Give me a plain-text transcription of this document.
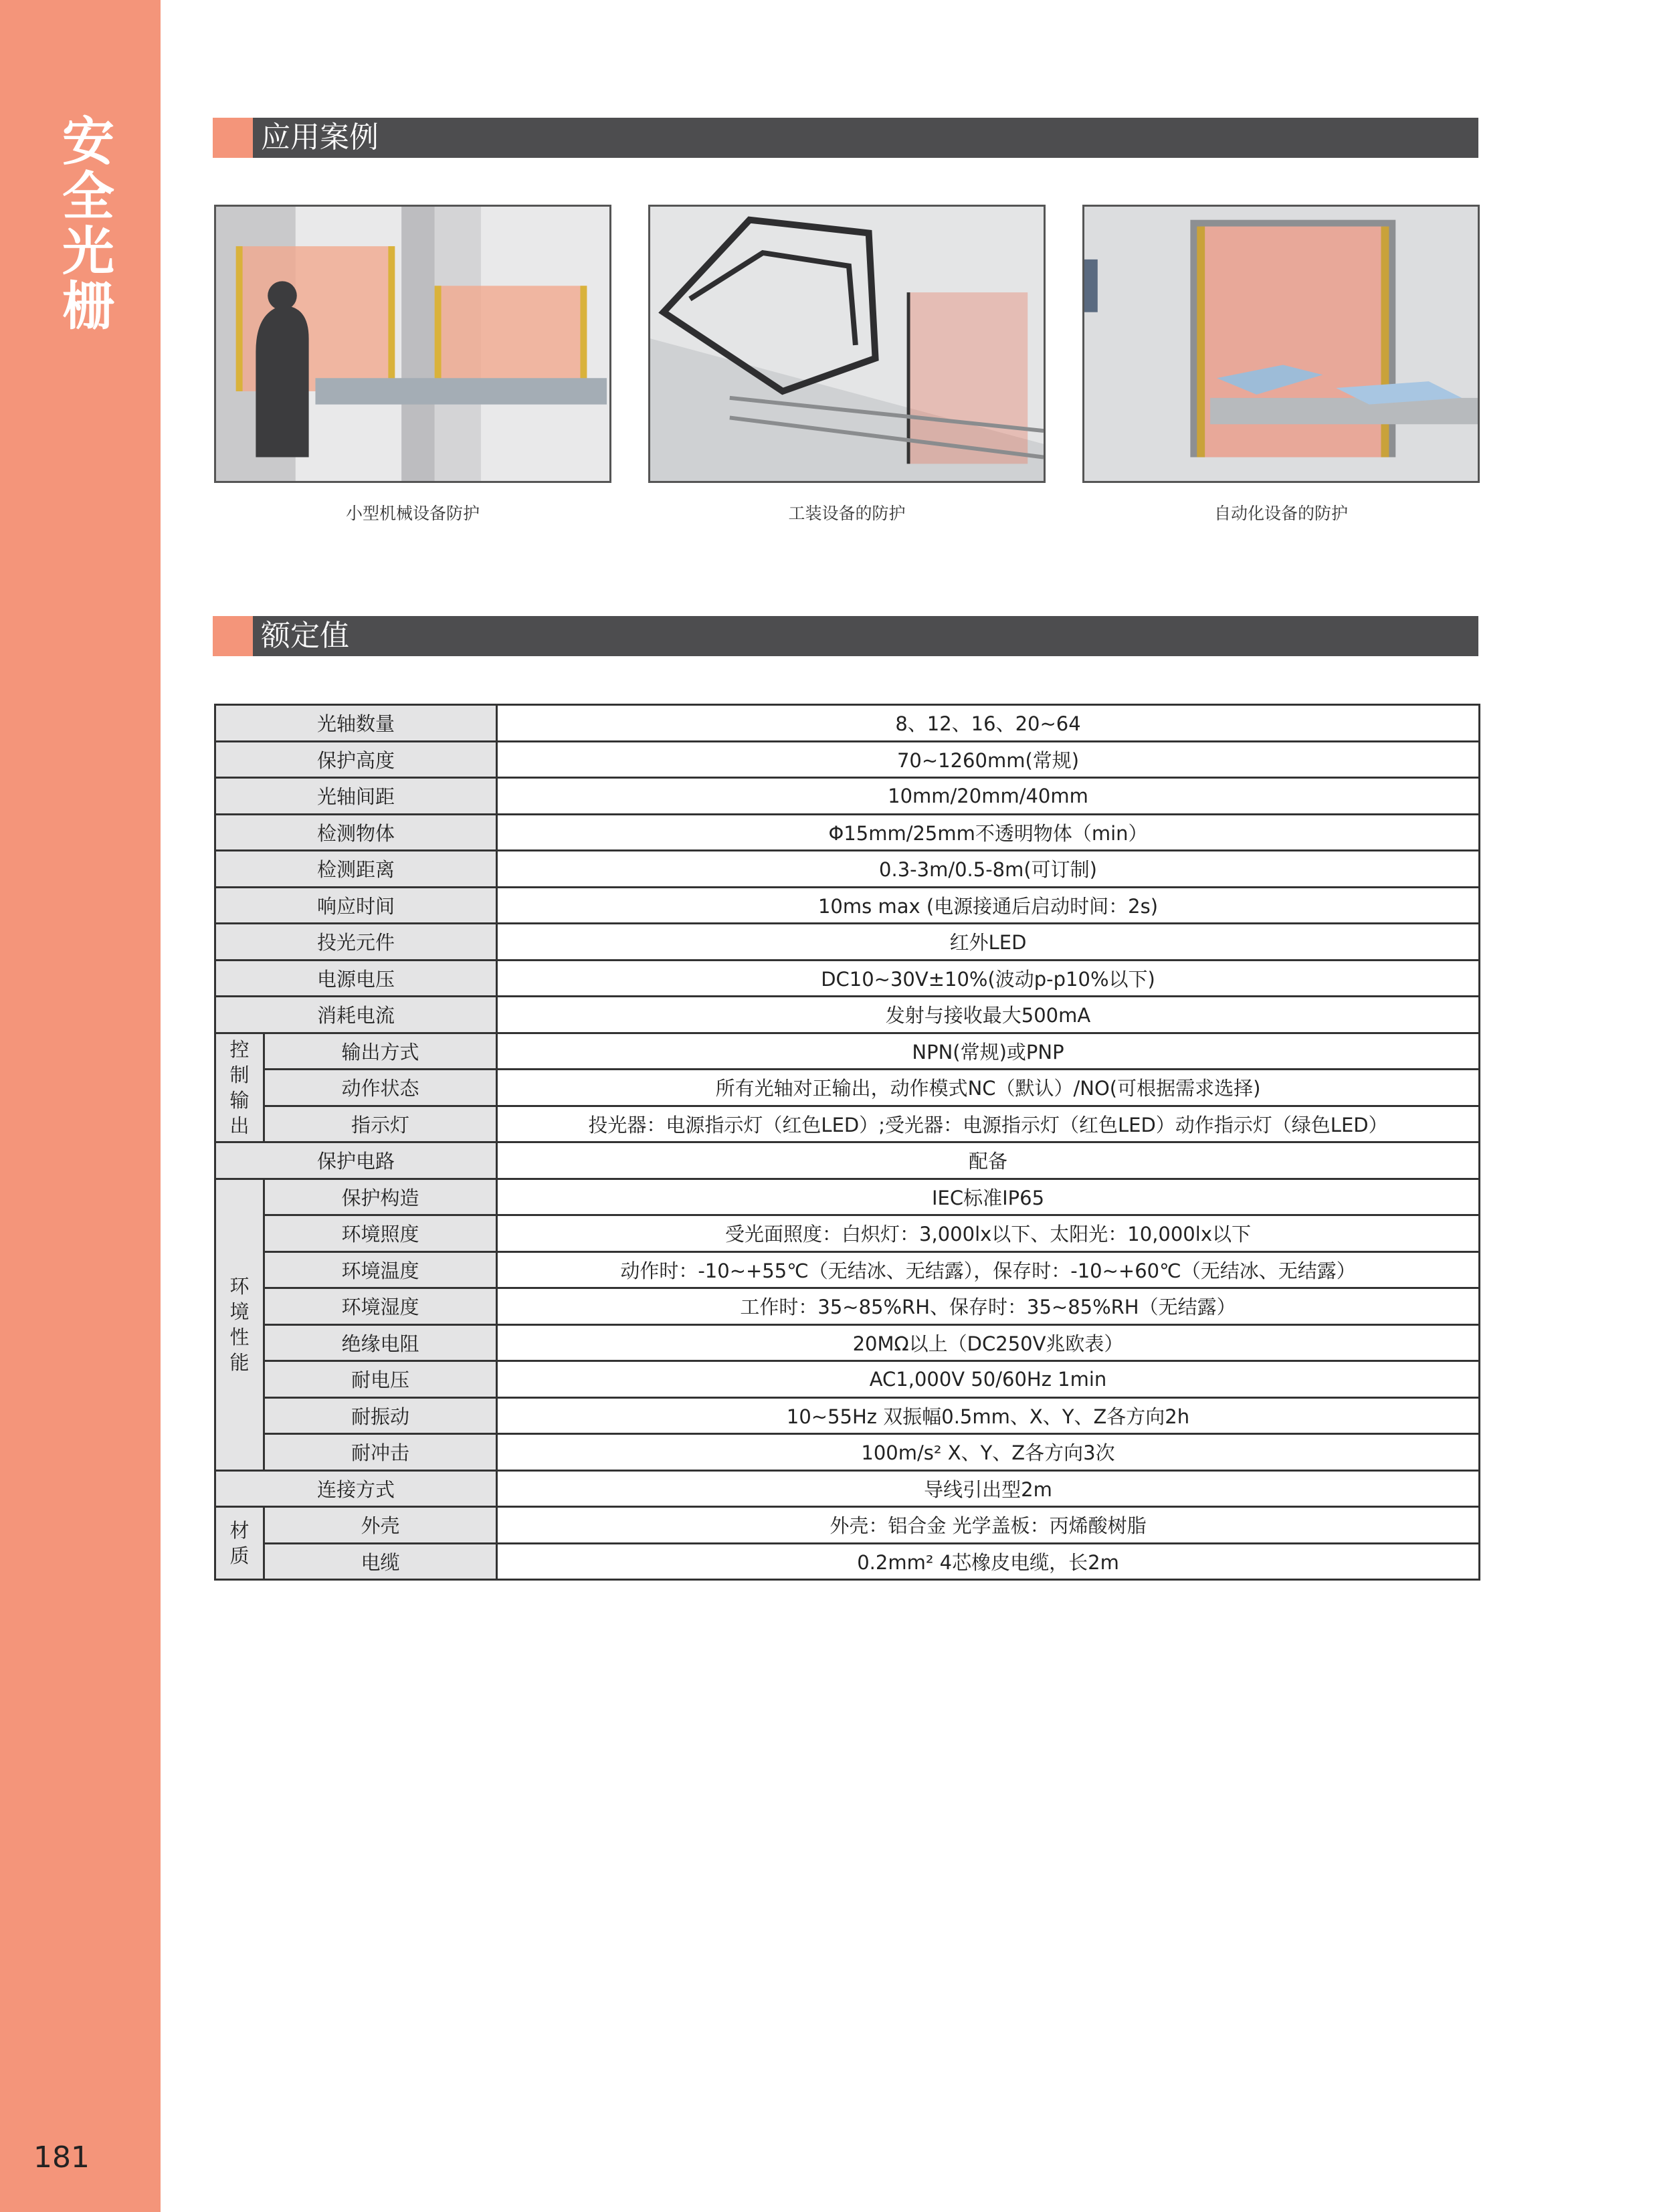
安全光栅
181
应用案例
小型机械设备防护	工装设备的防护	自动化设备的防护
额定值
光轴数量		8、12、16、20~64
保护高度		70~1260mm(常规)
光轴间距		10mm/20mm/40mm
检测物体		Φ15mm/25mm不透明物体（min）
检测距离		0.3-3m/0.5-8m(可订制)
响应时间		10ms max (电源接通后启动时间：2s)
投光元件		红外LED
电源电压		DC10~30V±10%(波动p-p10%以下)
消耗电流		发射与接收最大500mA
控制输出	输出方式	NPN(常规)或PNP
	动作状态	所有光轴对正输出，动作模式NC（默认）/NO(可根据需求选择)
	指示灯	投光器：电源指示灯（红色LED）;受光器：电源指示灯（红色LED）动作指示灯（绿色LED）
保护电路		配备
环境性能	保护构造	IEC标准IP65
	环境照度	受光面照度：白炽灯：3,000lx以下、太阳光：10,000lx以下
	环境温度	动作时：-10~+55℃（无结冰、无结露），保存时：-10~+60℃（无结冰、无结露）
	环境湿度	工作时：35~85%RH、保存时：35~85%RH（无结露）
	绝缘电阻	20MΩ以上（DC250V兆欧表）
	耐电压	AC1,000V 50/60Hz 1min
	耐振动	10~55Hz 双振幅0.5mm、X、Y、Z各方向2h
	耐冲击	100m/s² X、Y、Z各方向3次
连接方式		导线引出型2m
材质	外壳	外壳：铝合金 光学盖板：丙烯酸树脂
	电缆	0.2mm² 4芯橡皮电缆，长2m
